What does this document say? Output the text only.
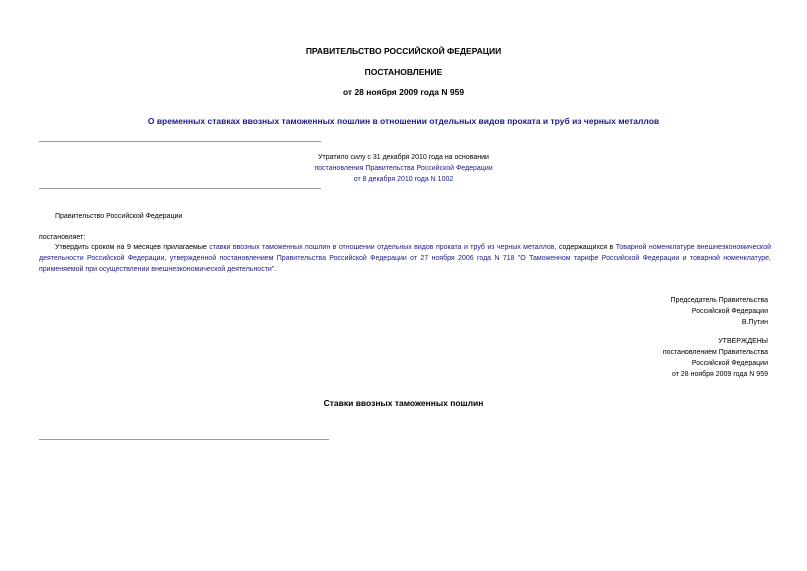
ПРАВИТЕЛЬСТВО РОССИЙСКОЙ ФЕДЕРАЦИИ
ПОСТАНОВЛЕНИЕ
от 28 ноября 2009 года N 959
О временных ставках ввозных таможенных пошлин в отношении отдельных видов проката и труб из черных металлов
Утратило силу с 31 декабря 2010 года на основании
постановления Правительства Российской Федерации
от 8 декабря 2010 года N 1002
Правительство Российской Федерации
постановляет:
Утвердить сроком на 9 месяцев прилагаемые ставки ввозных таможенных пошлин в отношении отдельных видов проката и труб из черных металлов, содержащихся в Товарной номенклатуре внешнеэкономической деятельности Российской Федерации, утвержденной постановлением Правительства Российской Федерации от 27 ноября 2006 года N 718 "О Таможенном тарифе Российской Федерации и товарной номенклатуре, применяемой при осуществлении внешнеэкономической деятельности".
Председатель Правительства
Российской Федерации
В.Путин
УТВЕРЖДЕНЫ
постановлением Правительства
Российской Федерации
от 28 ноября 2009 года N 959
Ставки ввозных таможенных пошлин
